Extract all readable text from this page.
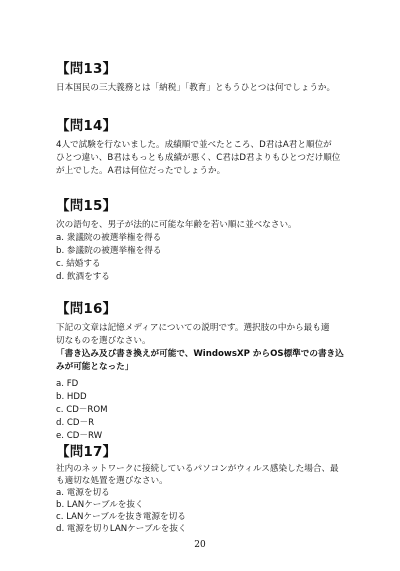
【問13】
日本国民の三大義務とは「納税」「教育」ともうひとつは何でしょうか。
【問14】
4人で試験を行ないました。成績順で並べたところ、D君はA君と順位が
ひとつ違い、B君はもっとも成績が悪く、C君はD君よりもひとつだけ順位
が上でした。A君は何位だったでしょうか。
【問15】
次の語句を、男子が法的に可能な年齢を若い順に並べなさい。
a. 衆議院の被選挙権を得る
b. 参議院の被選挙権を得る
c. 結婚する
d. 飲酒をする
【問16】
下記の文章は記憶メディアについての説明です。選択肢の中から最も適
切なものを選びなさい。
「書き込み及び書き換えが可能で、WindowsXP からOS標準での書き込
みが可能となった」
a. FD
b. HDD
c. CD－ROM
d. CD－R
e. CD－RW
【問17】
社内のネットワークに接続しているパソコンがウィルス感染した場合、最
も適切な処置を選びなさい。
a. 電源を切る
b. LANケーブルを抜く
c. LANケーブルを抜き電源を切る
d. 電源を切りLANケーブルを抜く
20
